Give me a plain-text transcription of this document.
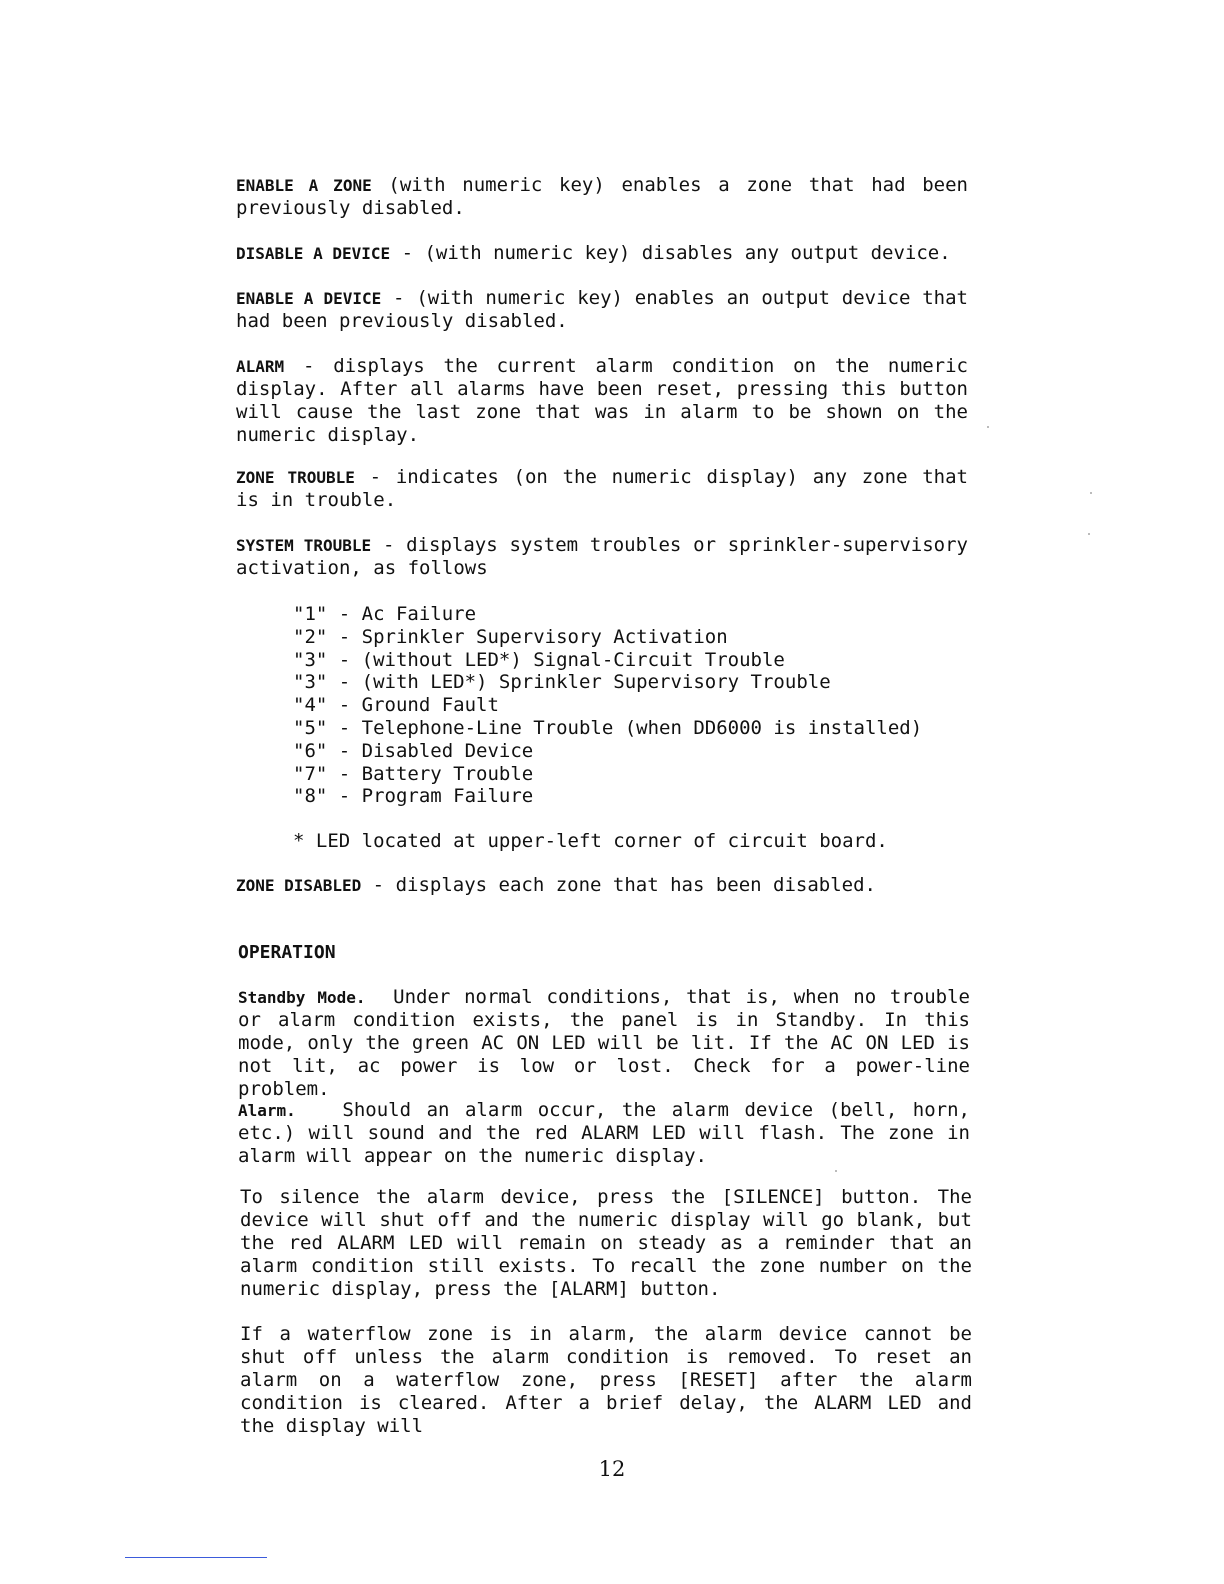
ENABLE A ZONE (with numeric key) enables a zone that had been previously disabled.

DISABLE A DEVICE - (with numeric key) disables any output device.

ENABLE A DEVICE - (with numeric key) enables an output device that had been previously disabled.

ALARM - displays the current alarm condition on the numeric display. After all alarms have been reset, pressing this button will cause the last zone that was in alarm to be shown on the numeric display.

ZONE TROUBLE - indicates (on the numeric display) any zone that is in trouble.

SYSTEM TROUBLE - displays system troubles or sprinkler-supervisory activation, as follows

"1" - Ac Failure
"2" - Sprinkler Supervisory Activation
"3" - (without LED*) Signal-Circuit Trouble
"3" - (with LED*) Sprinkler Supervisory Trouble
"4" - Ground Fault
"5" - Telephone-Line Trouble (when DD6000 is installed)
"6" - Disabled Device
"7" - Battery Trouble
"8" - Program Failure

* LED located at upper-left corner of circuit board.

ZONE DISABLED - displays each zone that has been disabled.

OPERATION

Standby Mode. Under normal conditions, that is, when no trouble or alarm condition exists, the panel is in Standby. In this mode, only the green AC ON LED will be lit. If the AC ON LED is not lit, ac power is low or lost. Check for a power-line problem.

Alarm. Should an alarm occur, the alarm device (bell, horn, etc.) will sound and the red ALARM LED will flash. The zone in alarm will appear on the numeric display.

To silence the alarm device, press the [SILENCE] button. The device will shut off and the numeric display will go blank, but the red ALARM LED will remain on steady as a reminder that an alarm condition still exists. To recall the zone number on the numeric display, press the [ALARM] button.

If a waterflow zone is in alarm, the alarm device cannot be shut off unless the alarm condition is removed. To reset an alarm on a waterflow zone, press [RESET] after the alarm condition is cleared. After a brief delay, the ALARM LED and the display will

12
